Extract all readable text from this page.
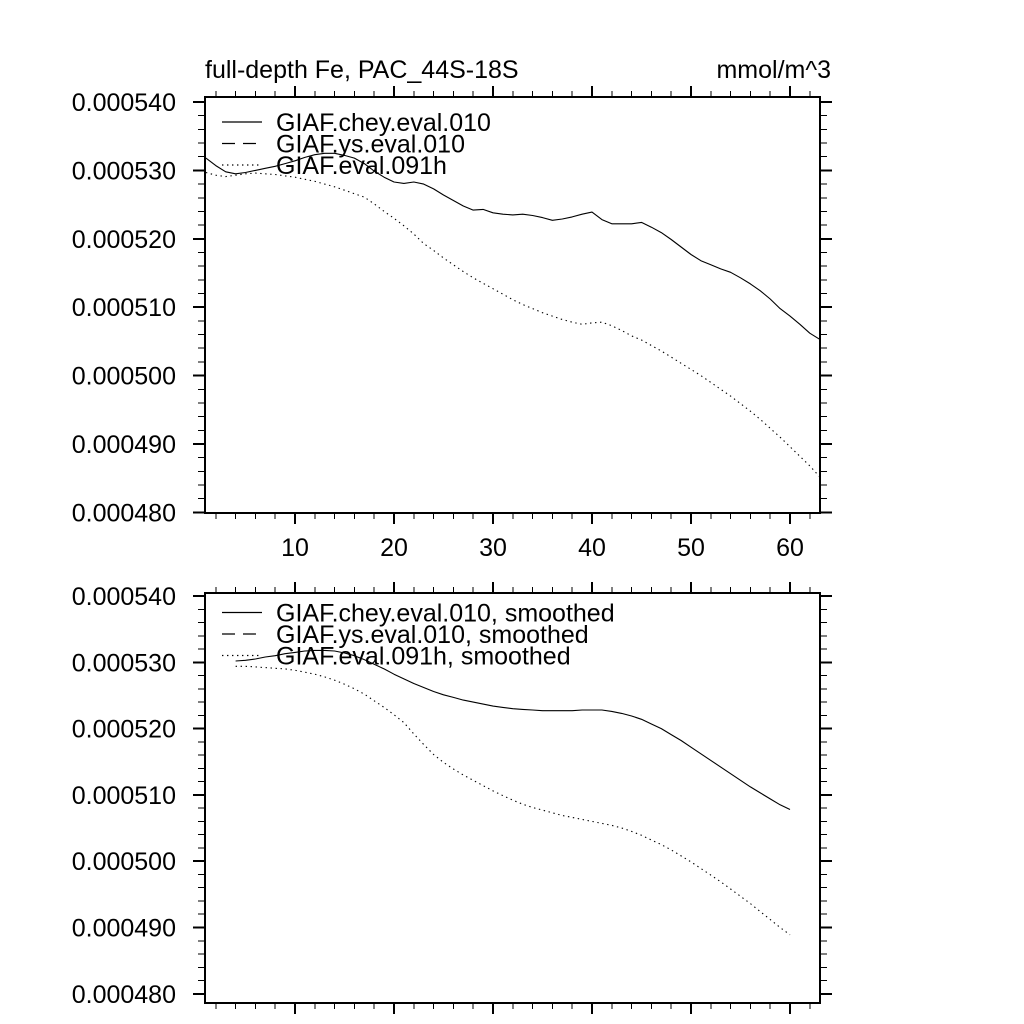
full-depth Fe, PAC_44S-18S	mmol/m^3
10	20	30	40	50	60
0.000480
0.000490
0.000500
0.000510
0.000520
0.000530
0.000540
GIAF.chey.eval.010
GIAF.ys.eval.010
GIAF.eval.091h
0.000480
0.000490
0.000500
0.000510
0.000520
0.000530
0.000540
GIAF.chey.eval.010, smoothed
GIAF.ys.eval.010, smoothed
GIAF.eval.091h, smoothed
